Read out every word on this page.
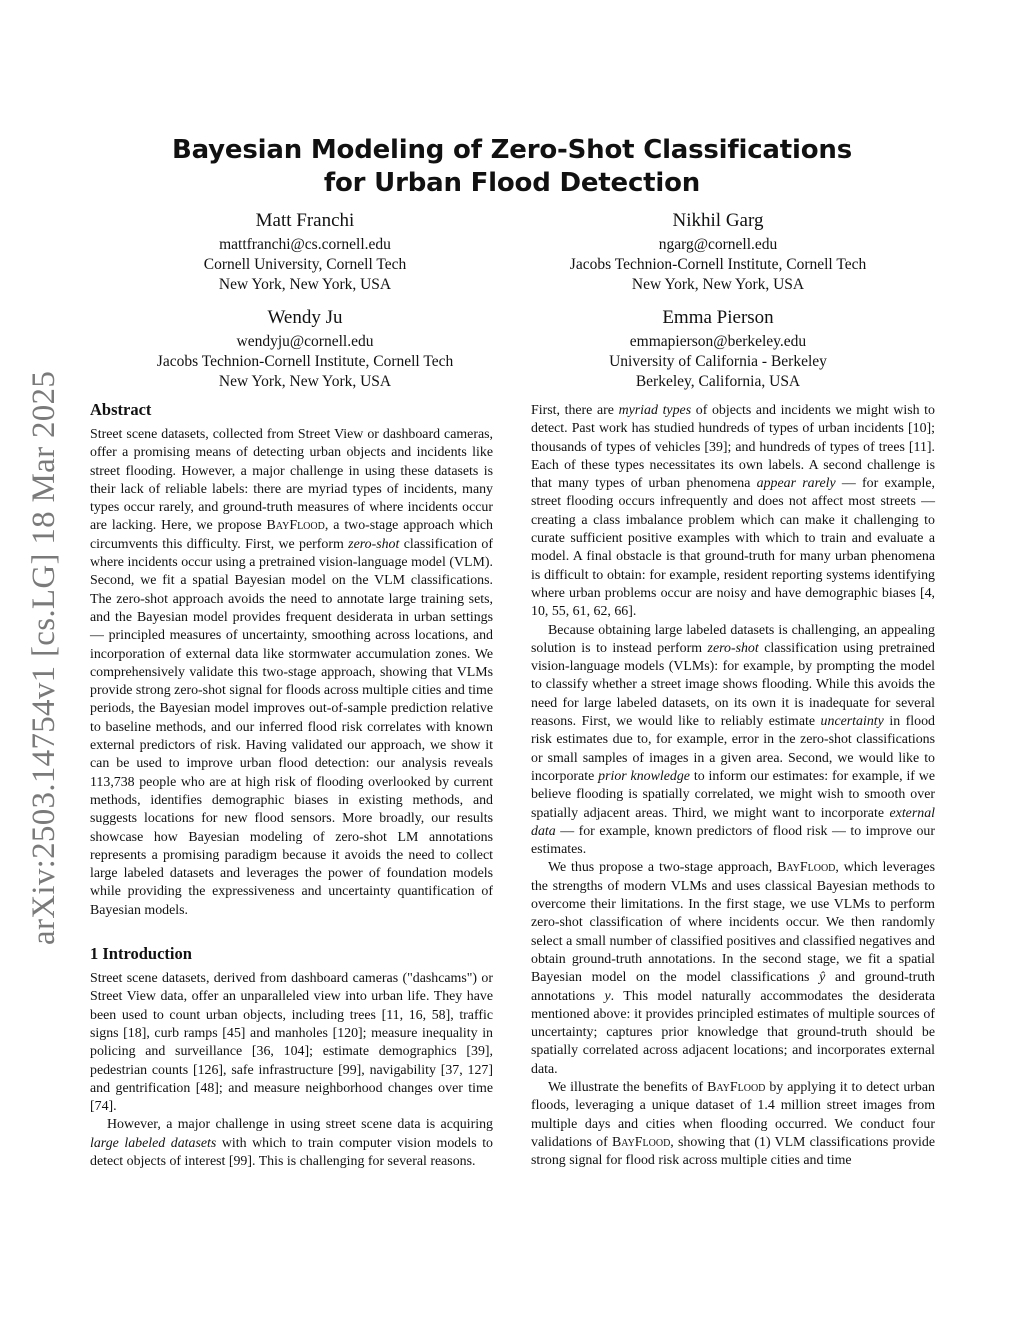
Bayesian Modeling of Zero-Shot Classifications
for Urban Flood Detection
Matt Franchi
mattfranchi@cs.cornell.edu
Cornell University, Cornell Tech
New York, New York, USA
Nikhil Garg
ngarg@cornell.edu
Jacobs Technion-Cornell Institute, Cornell Tech
New York, New York, USA
Wendy Ju
wendyju@cornell.edu
Jacobs Technion-Cornell Institute, Cornell Tech
New York, New York, USA
Emma Pierson
emmapierson@berkeley.edu
University of California - Berkeley
Berkeley, California, USA
arXiv:2503.14754v1 [cs.LG] 18 Mar 2025 Abstract

Street scene datasets, collected from Street View or dashboard cameras, offer a promising means of detecting urban objects and incidents like street flooding. However, a major challenge in using these datasets is their lack of reliable labels: there are myriad types of incidents, many types occur rarely, and ground-truth measures of where incidents occur are lacking. Here, we propose BayFlood, a two-stage approach which circumvents this difficulty. First, we perform zero-shot classification of where incidents occur using a pretrained vision-language model (VLM). Second, we fit a spatial Bayesian model on the VLM classifications. The zero-shot approach avoids the need to annotate large training sets, and the Bayesian model provides frequent desiderata in urban settings — principled measures of uncertainty, smoothing across locations, and incorporation of external data like stormwater accumulation zones. We comprehensively validate this two-stage approach, showing that VLMs provide strong zero-shot signal for floods across multiple cities and time periods, the Bayesian model improves out-of-sample prediction relative to baseline methods, and our inferred flood risk correlates with known external predictors of risk. Having validated our approach, we show it can be used to improve urban flood detection: our analysis reveals 113,738 people who are at high risk of flooding overlooked by current methods, identifies demographic biases in existing methods, and suggests locations for new flood sensors. More broadly, our results showcase how Bayesian modeling of zero-shot LM annotations represents a promising paradigm because it avoids the need to collect large labeled datasets and leverages the power of foundation models while providing the expressiveness and uncertainty quantification of Bayesian models.

1 Introduction

Street scene datasets, derived from dashboard cameras ("dashcams") or Street View data, offer an unparalleled view into urban life. They have been used to count urban objects, including trees [11, 16, 58], traffic signs [18], curb ramps [45] and manholes [120]; measure inequality in policing and surveillance [36, 104]; estimate demographics [39], pedestrian counts [126], safe infrastructure [99], navigability [37, 127] and gentrification [48]; and measure neighborhood changes over time [74].

However, a major challenge in using street scene data is acquiring large labeled datasets with which to train computer vision models to detect objects of interest [99]. This is challenging for several reasons.

First, there are myriad types of objects and incidents we might wish to detect. Past work has studied hundreds of types of urban incidents [10]; thousands of types of vehicles [39]; and hundreds of types of trees [11]. Each of these types necessitates its own labels. A second challenge is that many types of urban phenomena appear rarely — for example, street flooding occurs infrequently and does not affect most streets — creating a class imbalance problem which can make it challenging to curate sufficient positive examples with which to train and evaluate a model. A final obstacle is that ground-truth for many urban phenomena is difficult to obtain: for example, resident reporting systems identifying where urban problems occur are noisy and have demographic biases [4, 10, 55, 61, 62, 66].

Because obtaining large labeled datasets is challenging, an appealing solution is to instead perform zero-shot classification using pretrained vision-language models (VLMs): for example, by prompting the model to classify whether a street image shows flooding. While this avoids the need for large labeled datasets, on its own it is inadequate for several reasons. First, we would like to reliably estimate uncertainty in flood risk estimates due to, for example, error in the zero-shot classifications or small samples of images in a given area. Second, we would like to incorporate prior knowledge to inform our estimates: for example, if we believe flooding is spatially correlated, we might wish to smooth over spatially adjacent areas. Third, we might want to incorporate external data — for example, known predictors of flood risk — to improve our estimates.

We thus propose a two-stage approach, BayFlood, which leverages the strengths of modern VLMs and uses classical Bayesian methods to overcome their limitations. In the first stage, we use VLMs to perform zero-shot classification of where incidents occur. We then randomly select a small number of classified positives and classified negatives and obtain ground-truth annotations. In the second stage, we fit a spatial Bayesian model on the model classifications ŷ and ground-truth annotations y. This model naturally accommodates the desiderata mentioned above: it provides principled estimates of multiple sources of uncertainty; captures prior knowledge that ground-truth should be spatially correlated across adjacent locations; and incorporates external data.

We illustrate the benefits of BayFlood by applying it to detect urban floods, leveraging a unique dataset of 1.4 million street images from multiple days and cities when flooding occurred. We conduct four validations of BayFlood, showing that (1) VLM classifications provide strong signal for flood risk across multiple cities and time
